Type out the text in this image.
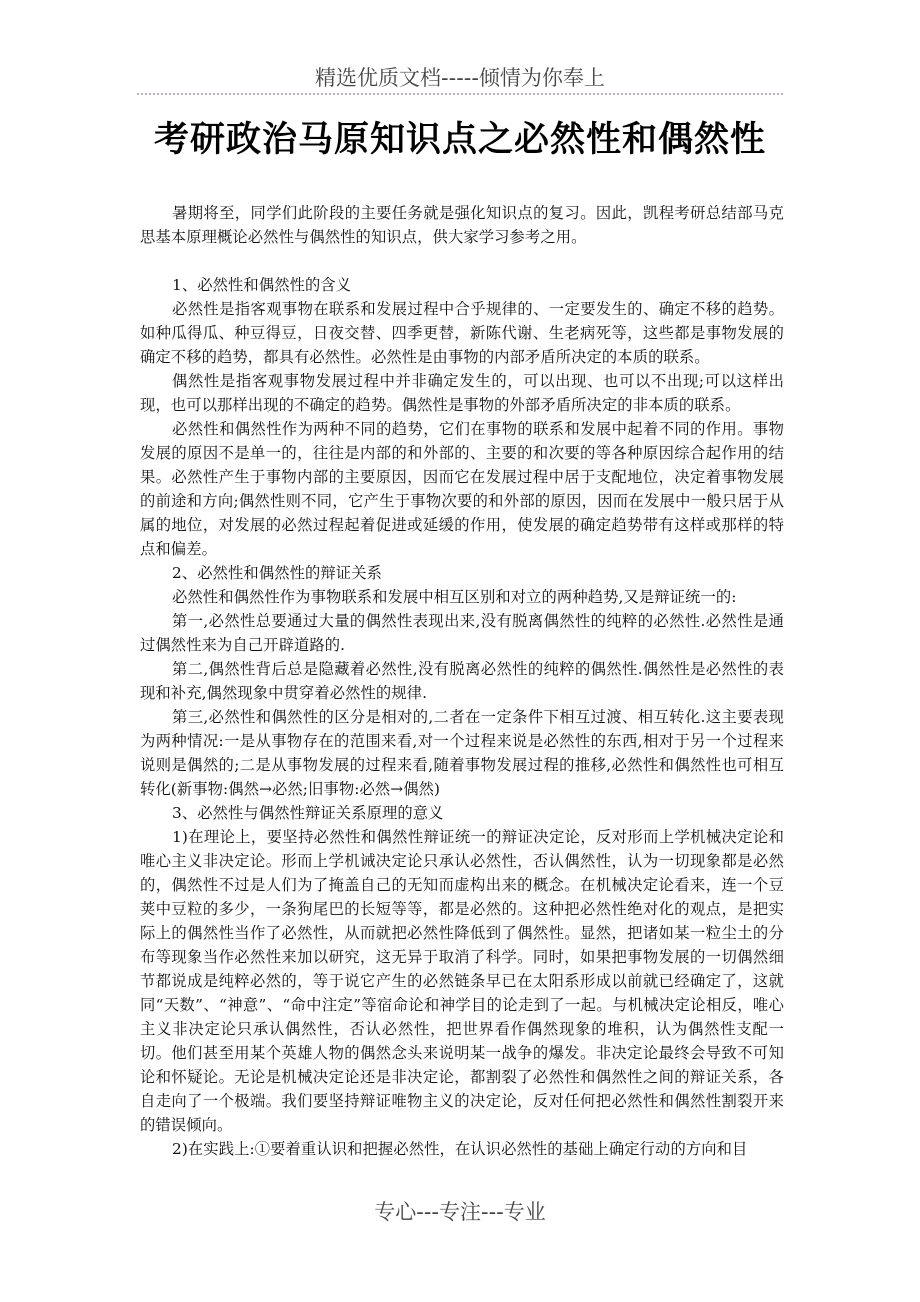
精选优质文档-----倾情为你奉上
考研政治马原知识点之必然性和偶然性

暑期将至，同学们此阶段的主要任务就是强化知识点的复习。因此，凯程考研总结部马克思基本原理概论必然性与偶然性的知识点，供大家学习参考之用。

1、必然性和偶然性的含义

必然性是指客观事物在联系和发展过程中合乎规律的、一定要发生的、确定不移的趋势。如种瓜得瓜、种豆得豆，日夜交替、四季更替，新陈代谢、生老病死等，这些都是事物发展的确定不移的趋势，都具有必然性。必然性是由事物的内部矛盾所决定的本质的联系。

偶然性是指客观事物发展过程中并非确定发生的，可以出现、也可以不出现;可以这样出现，也可以那样出现的不确定的趋势。偶然性是事物的外部矛盾所决定的非本质的联系。

必然性和偶然性作为两种不同的趋势，它们在事物的联系和发展中起着不同的作用。事物发展的原因不是单一的，往往是内部的和外部的、主要的和次要的等各种原因综合起作用的结果。必然性产生于事物内部的主要原因，因而它在发展过程中居于支配地位，决定着事物发展的前途和方向;偶然性则不同，它产生于事物次要的和外部的原因，因而在发展中一般只居于从属的地位，对发展的必然过程起着促进或延缓的作用，使发展的确定趋势带有这样或那样的特点和偏差。

2、必然性和偶然性的辩证关系

必然性和偶然性作为事物联系和发展中相互区别和对立的两种趋势,又是辩证统一的:

第一,必然性总要通过大量的偶然性表现出来,没有脱离偶然性的纯粹的必然性.必然性是通过偶然性来为自己开辟道路的.

第二,偶然性背后总是隐藏着必然性,没有脱离必然性的纯粹的偶然性.偶然性是必然性的表现和补充,偶然现象中贯穿着必然性的规律.

第三,必然性和偶然性的区分是相对的,二者在一定条件下相互过渡、相互转化.这主要表现为两种情况:一是从事物存在的范围来看,对一个过程来说是必然性的东西,相对于另一个过程来说则是偶然的;二是从事物发展的过程来看,随着事物发展过程的推移,必然性和偶然性也可相互转化(新事物:偶然→必然;旧事物:必然→偶然)

3、必然性与偶然性辩证关系原理的意义

1)在理论上，要坚持必然性和偶然性辩证统一的辩证决定论，反对形而上学机械决定论和唯心主义非决定论。形而上学机诫决定论只承认必然性，否认偶然性，认为一切现象都是必然的，偶然性不过是人们为了掩盖自己的无知而虚构出来的概念。在机械决定论看来，连一个豆荚中豆粒的多少，一条狗尾巴的长短等等，都是必然的。这种把必然性绝对化的观点，是把实际上的偶然性当作了必然性，从而就把必然性降低到了偶然性。显然，把诸如某一粒尘土的分布等现象当作必然性来加以研究，这无异于取消了科学。同时，如果把事物发展的一切偶然细节都说成是纯粹必然的，等于说它产生的必然链条早已在太阳系形成以前就已经确定了，这就同“天数”、“神意”、“命中注定”等宿命论和神学目的论走到了一起。与机械决定论相反，唯心主义非决定论只承认偶然性，否认必然性，把世界看作偶然现象的堆积，认为偶然性支配一切。他们甚至用某个英雄人物的偶然念头来说明某一战争的爆发。非决定论最终会导致不可知论和怀疑论。无论是机械决定论还是非决定论，都割裂了必然性和偶然性之间的辩证关系，各自走向了一个极端。我们要坚持辩证唯物主义的决定论，反对任何把必然性和偶然性割裂开来的错误倾向。

2)在实践上:①要着重认识和把握必然性，在认识必然性的基础上确定行动的方向和目

专心---专注---专业
